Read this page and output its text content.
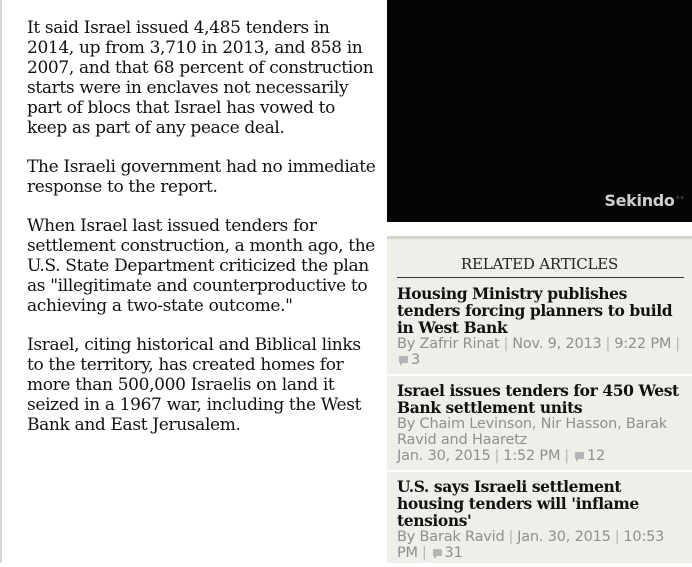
It said Israel issued 4,485 tenders in 2014, up from 3,710 in 2013, and 858 in 2007, and that 68 percent of construction starts were in enclaves not necessarily part of blocs that Israel has vowed to keep as part of any peace deal.

The Israeli government had no immediate response to the report.

When Israel last issued tenders for settlement construction, a month ago, the U.S. State Department criticized the plan as "illegitimate and counterproductive to achieving a two-state outcome."

Israel, citing historical and Biblical links to the territory, has created homes for more than 500,000 Israelis on land it seized in a 1967 war, including the West Bank and East Jerusalem.

Sekindo◦◦
RELATED ARTICLES
Housing Ministry publishes tenders forcing planners to build in West Bank
By Zafrir Rinat | Nov. 9, 2013 | 9:22 PM |3
Israel issues tenders for 450 West Bank settlement units
By Chaim Levinson, Nir Hasson, Barak Ravid and Haaretz
Jan. 30, 2015 | 1:52 PM | 12
U.S. says Israeli settlement housing tenders will 'inflame tensions'
By Barak Ravid | Jan. 30, 2015 | 10:53 PM | 31
